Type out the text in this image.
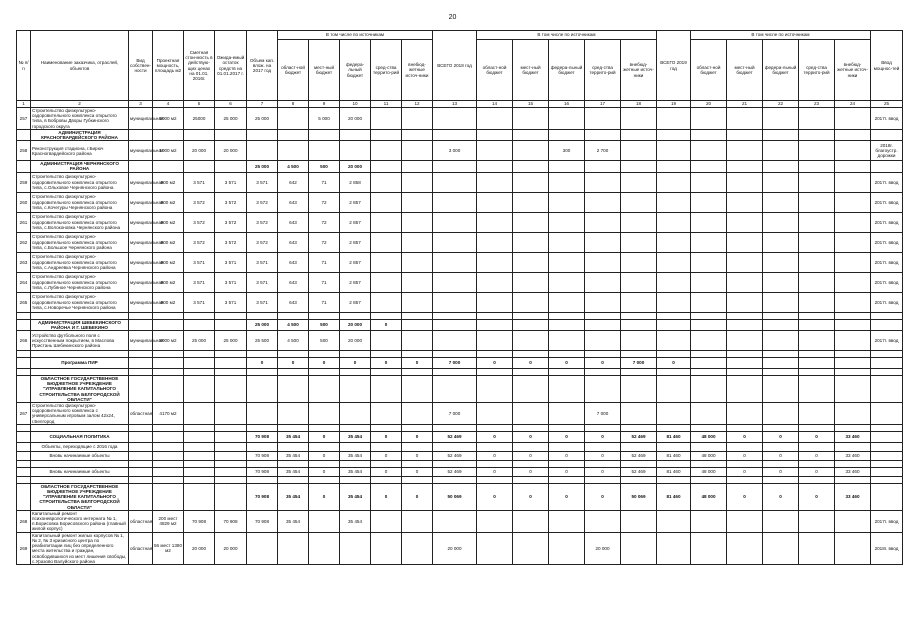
20
№ п/п	Наименование заказчика, отраслей, объектов	Вид собствен-ности	Проектная мощность, площадь м2	Сметная стои-мость в действую-щих ценах на 01.01. 2016г.	Ожида-емый остаток средств на 01.01.2017 г.	Объем кап. влож. на 2017 год	В том числе по источникам					ВСЕГО 2018 год	В том числе по источникам					ВСЕГО 2019 год	В том числе по источникам					Ввод мощнос-тей
							област-ной бюджет	мест-ный бюджет	федера-льный бюджет	сред-ства террито-рий	внебюд-жетные источ-ники		област-ной бюджет	мест-ный бюджет	федера-льный бюджет	сред-ства террито-рий	внебюд-жетные источ-ники		област-ной бюджет	мест-ный бюджет	федера-льный бюджет	сред-ства террито-рий	внебюд-жетные источ-ники	
1	2	3	4	5	6	7	8	9	10	11	12	13	14	15	16	17	18	19	20	21	22	23	24	25
257	Строительство физкультурно-оздоровительного комплекса открытого типа, в Бобровы Дворы Губкинского городского округа	муниципальная	5000 м2	25000	25 000	25 000		5 000	20 000															2017г. ввод
	АДМИНИСТРАЦИЯ КРАСНОГВАРДЕЙСКОГО РАЙОНА																							
258	Реконструкция стадиона, г.Бирюч Красногвардейского района	муниципальная	1000 м2	20 000	20 000							3 000			300	2 700								2018г. благоустр. дорожки
	АДМИНИСТРАЦИЯ ЧЕРНЯНСКОГО РАЙОНА					25 000	4 500	500	20 000															
259	Строительство физкультурно-оздоровительного комплекса открытого типа, с.Ольховое Чернянского района	муниципальная	800 м2	3 571	3 571	3 571	642	71	2 858															2017г. ввод
260	Строительство физкультурно-оздоровительного комплекса открытого типа, с.Кочегуры Чернянского района	муниципальная	800 м2	3 572	3 572	3 572	643	72	2 857															2017г. ввод
261	Строительство физкультурно-оздоровительного комплекса открытого типа, с.Волоконовка Чернянского района	муниципальная	800 м2	3 572	3 572	3 572	643	72	2 857															2017г. ввод
262	Строительство физкультурно-оздоровительного комплекса открытого типа, с.Большое Чернянского района	муниципальная	800 м2	3 572	3 572	3 572	643	72	2 857															2017г. ввод
263	Строительство физкультурно-оздоровительного комплекса открытого типа, с.Андреевка Чернянского района	муниципальная	800 м2	3 571	3 571	3 571	643	71	2 857															2017г. ввод
264	Строительство физкультурно-оздоровительного комплекса открытого типа, с.Лубяное Чернянского района	муниципальная	800 м2	3 571	3 571	3 571	643	71	2 857															2017г. ввод
265	Строительство физкультурно-оздоровительного комплекса открытого типа, с.Новоречье Чернянского района	муниципальная	800 м2	3 571	3 571	3 571	643	71	2 857															2017г. ввод

	АДМИНИСТРАЦИЯ ШЕБЕКИНСКОГО РАЙОНА И Г. ШЕБЕКИНО					25 000	4 500	500	20 000	0														
266	Устройство футбольного поля с искусственным покрытием, в Маслова Пристань Шебекинского района	муниципальная	8000 м2	25 000	25 000	25 500	4 500	500	20 000															2017г. ввод

	Программа ПИР					0	0	0	0	0	0	7 000	0	0	0	0	7 000	0						

	ОБЛАСТНОЕ ГОСУДАРСТВЕННОЕ БЮДЖЕТНОЕ УЧРЕЖДЕНИЕ "УПРАВЛЕНИЕ КАПИТАЛЬНОГО СТРОИТЕЛЬСТВА БЕЛГОРОДСКОЙ ОБЛАСТИ"																							
267	Строительство физкультурно-оздоровительного комплекса с универсальным игровым залом 42х24, г.Белгород	областная	4170 м2									7 000				7 000								

	СОЦИАЛЬНАЯ ПОЛИТИКА					70 908	35 454	0	35 454	0	0	52 469	0	0	0	0	52 469	81 460	48 000	0	0	0	33 460	
	Объекты, переходящие с 2016 года																							
	Вновь начинаемые объекты					70 908	35 454	0	35 454	0	0	52 469	0	0	0	0	52 469	81 460	48 000	0	0	0	33 460	

	Вновь начинаемые объекты					70 908	35 454	0	35 454	0	0	52 469	0	0	0	0	52 469	81 460	48 000	0	0	0	33 460	

	ОБЛАСТНОЕ ГОСУДАРСТВЕННОЕ БЮДЖЕТНОЕ УЧРЕЖДЕНИЕ "УПРАВЛЕНИЕ КАПИТАЛЬНОГО СТРОИТЕЛЬСТВА БЕЛГОРОДСКОЙ ОБЛАСТИ"					70 908	35 454	0	35 454	0	0	50 069	0	0	0	0	50 069	81 460	48 000	0	0	0	33 460	
268	Капитальный ремонт психоневрологического интерната № 1, п.Борисовка Борисовского района (главный жилой корпус)	областная	200 мест 4829 м2	70 908	70 908	70 908	35 454		35 454															2017г. ввод
269	Капитальный ремонт жилых корпусов № 1, № 2, № 3 кризисного центра по реабилитации лиц без определенного места жительства и граждан, освободившихся из мест лишения свободы, с.Уразово Валуйского района	областная	56 мест 1380 м2	20 000	20 000							20 000				20 000								2018г. ввод
